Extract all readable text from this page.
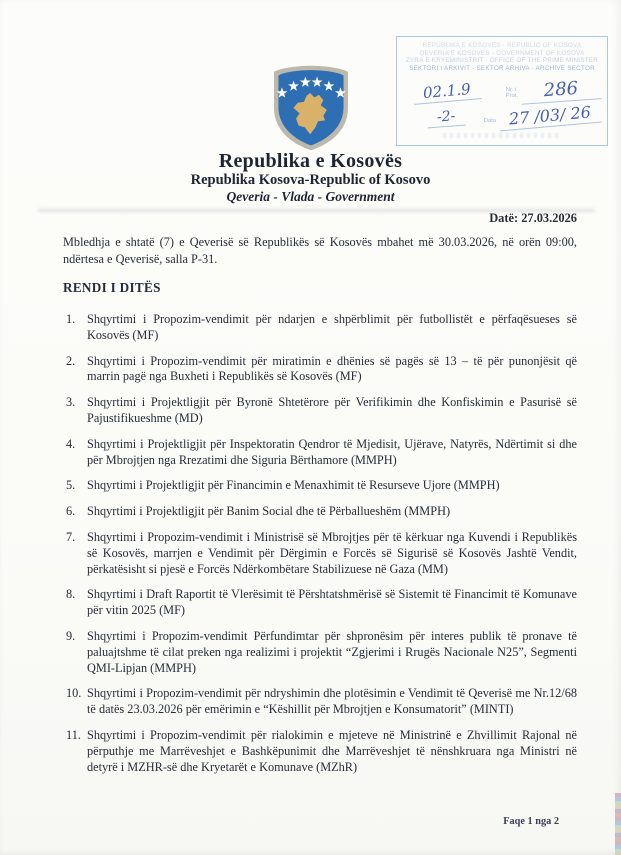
REPUBLIKA E KOSOVËS - REPUBLIC OF KOSOVA
QEVERIA E KOSOVËS - GOVERNMENT OF KOSOVA
ZYRA E KRYEMINISTRIT - OFFICE OF THE PRIME MINISTER
SEKTORI I ARKIVIT - SEKTOR ARHIVA - ARCHIVE SECTOR
02.1.9	Nr. i
Prot.	286
-2-	Data 27 /03/ 26
Republika e Kosovës
Republika Kosova-Republic of Kosovo
Qeveria - Vlada - Government
Datë: 27.03.2026

Mbledhja e shtatë (7) e Qeverisë së Republikës së Kosovës mbahet më 30.03.2026, në orën 09:00, ndërtesa e Qeverisë, salla P-31.

RENDI I DITËS
1. Shqyrtimi i Propozim-vendimit për ndarjen e shpërblimit për futbollistët e përfaqësueses së Kosovës (MF)
2. Shqyrtimi i Propozim-vendimit për miratimin e dhënies së pagës së 13 – të për punonjësit që marrin pagë nga Buxheti i Republikës së Kosovës (MF)
3. Shqyrtimi i Projektligjit për Byronë Shtetërore për Verifikimin dhe Konfiskimin e Pasurisë së Pajustifikueshme (MD)
4. Shqyrtimi i Projektligjit për Inspektoratin Qendror të Mjedisit, Ujërave, Natyrës, Ndërtimit si dhe për Mbrojtjen nga Rrezatimi dhe Siguria Bërthamore (MMPH)
5. Shqyrtimi i Projektligjit për Financimin e Menaxhimit të Resurseve Ujore (MMPH)
6. Shqyrtimi i Projektligjit për Banim Social dhe të Përballueshëm (MMPH)
7. Shqyrtimi i Propozim-vendimit i Ministrisë së Mbrojtjes për të kërkuar nga Kuvendi i Republikës së Kosovës, marrjen e Vendimit për Dërgimin e Forcës së Sigurisë së Kosovës Jashtë Vendit, përkatësisht si pjesë e Forcës Ndërkombëtare Stabilizuese në Gaza (MM)
8. Shqyrtimi i Draft Raportit të Vlerësimit të Përshtatshmërisë së Sistemit të Financimit të Komunave për vitin 2025 (MF)
9. Shqyrtimi i Propozim-vendimit Përfundimtar për shpronësim për interes publik të pronave të paluajtshme të cilat preken nga realizimi i projektit “Zgjerimi i Rrugës Nacionale N25”, Segmenti QMI-Lipjan (MMPH)
10. Shqyrtimi i Propozim-vendimit për ndryshimin dhe plotësimin e Vendimit të Qeverisë me Nr.12/68 të datës 23.03.2026 për emërimin e “Këshillit për Mbrojtjen e Konsumatorit” (MINTI)
11. Shqyrtimi i Propozim-vendimit për rialokimin e mjeteve në Ministrinë e Zhvillimit Rajonal në përputhje me Marrëveshjet e Bashkëpunimit dhe Marrëveshjet të nënshkruara nga Ministri në detyrë i MZHR-së dhe Kryetarët e Komunave (MZhR)
Faqe 1 nga 2
